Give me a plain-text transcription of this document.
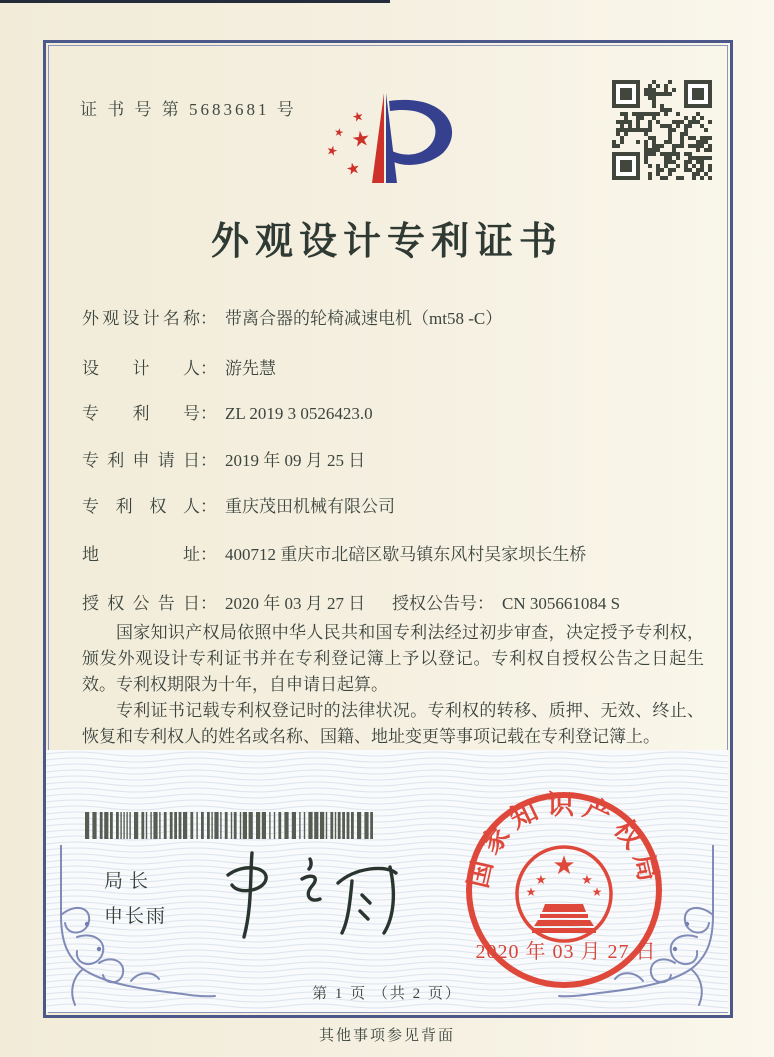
证 书 号 第 5683681 号	★
★ ★
★
★
外观设计专利证书
外观设计名称： 带离合器的轮椅减速电机（mt58 -C）
设计人： 游先慧
专利号： ZL 2019 3 0526423.0
专利申请日： 2019 年 09 月 25 日
专利权人： 重庆茂田机械有限公司
地址： 400712 重庆市北碚区歇马镇东风村吴家坝长生桥
授权公告日： 2020 年 03 月 27 日 授权公告号： CN 305661084 S

国家知识产权局依照中华人民共和国专利法经过初步审查，决定授予专利权，颁发外观设计专利证书并在专利登记簿上予以登记。专利权自授权公告之日起生效。专利权期限为十年，自申请日起算。

专利证书记载专利权登记时的法律状况。专利权的转移、质押、无效、终止、恢复和专利权人的姓名或名称、国籍、地址变更等事项记载在专利登记簿上。

局长
申长雨
国家知识产权局
★
★	★
★	★
2020 年 03 月 27 日
第 1 页 （共 2 页）
其他事项参见背面
